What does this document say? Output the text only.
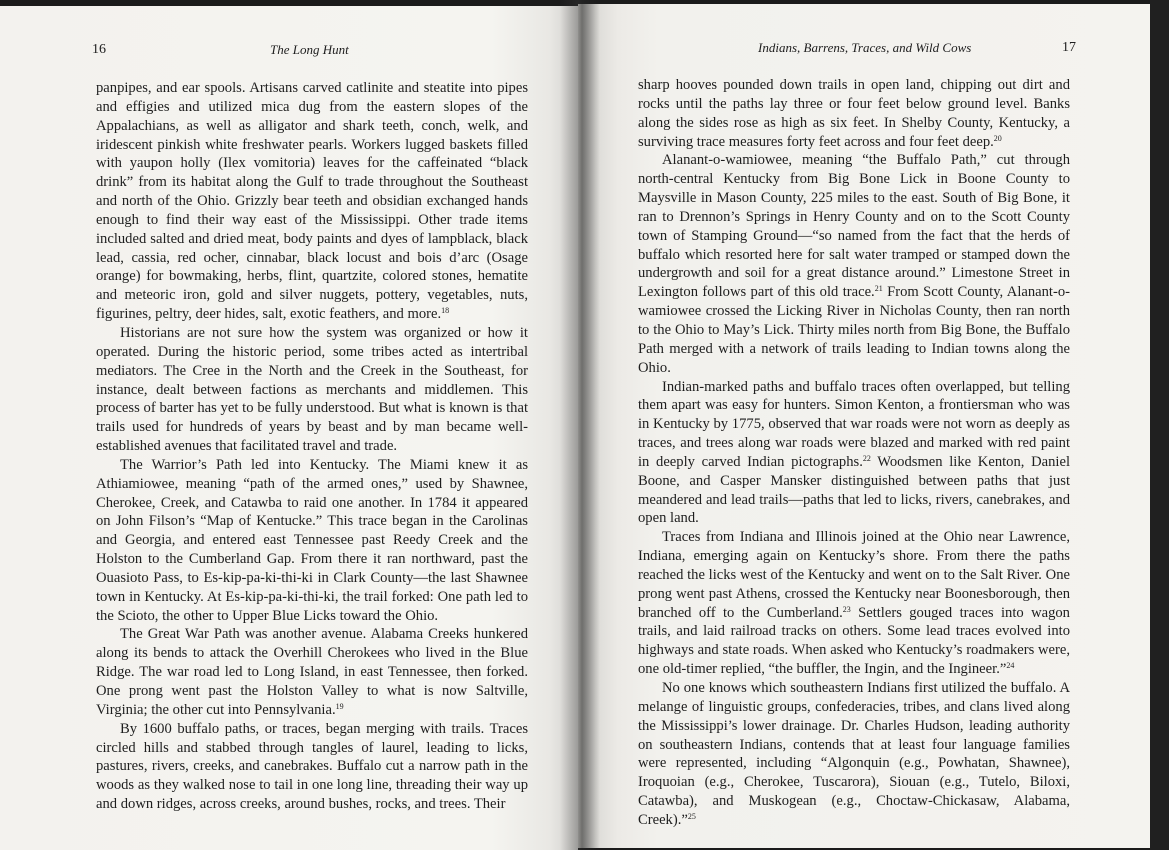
16	The Long Hunt

panpipes, and ear spools. Artisans carved catlinite and steatite into pipes and effigies and utilized mica dug from the eastern slopes of the Appalachians, as well as alligator and shark teeth, conch, welk, and iridescent pinkish white freshwater pearls. Workers lugged baskets filled with yaupon holly (Ilex vomitoria) leaves for the caffeinated “black drink” from its habitat along the Gulf to trade throughout the Southeast and north of the Ohio. Grizzly bear teeth and obsidian exchanged hands enough to find their way east of the Mississippi. Other trade items included salted and dried meat, body paints and dyes of lampblack, black lead, cassia, red ocher, cinnabar, black locust and bois d’arc (Osage orange) for bowmaking, herbs, flint, quartzite, colored stones, hematite and meteoric iron, gold and silver nuggets, pottery, vegetables, nuts, figurines, peltry, deer hides, salt, exotic feathers, and more.$^{18}$

Historians are not sure how the system was organized or how it operated. During the historic period, some tribes acted as intertribal mediators. The Cree in the North and the Creek in the Southeast, for instance, dealt between factions as merchants and middlemen. This process of barter has yet to be fully understood. But what is known is that trails used for hundreds of years by beast and by man became well-established avenues that facilitated travel and trade.

The Warrior’s Path led into Kentucky. The Miami knew it as Athiamiowee, meaning “path of the armed ones,” used by Shawnee, Cherokee, Creek, and Catawba to raid one another. In 1784 it appeared on John Filson’s “Map of Kentucke.” This trace began in the Carolinas and Georgia, and entered east Tennessee past Reedy Creek and the Holston to the Cumberland Gap. From there it ran northward, past the Ouasioto Pass, to Es-kip-pa-ki-thi-ki in Clark County—the last Shawnee town in Kentucky. At Es-kip-pa-ki-thi-ki, the trail forked: One path led to the Scioto, the other to Upper Blue Licks toward the Ohio.

The Great War Path was another avenue. Alabama Creeks hunkered along its bends to attack the Overhill Cherokees who lived in the Blue Ridge. The war road led to Long Island, in east Tennessee, then forked. One prong went past the Holston Valley to what is now Saltville, Virginia; the other cut into Pennsylvania.$^{19}$

By 1600 buffalo paths, or traces, began merging with trails. Traces circled hills and stabbed through tangles of laurel, leading to licks, pastures, rivers, creeks, and canebrakes. Buffalo cut a narrow path in the woods as they walked nose to tail in one long line, threading their way up and down ridges, across creeks, around bushes, rocks, and trees. Their

Indians, Barrens, Traces, and Wild Cows	17

sharp hooves pounded down trails in open land, chipping out dirt and rocks until the paths lay three or four feet below ground level. Banks along the sides rose as high as six feet. In Shelby County, Kentucky, a surviving trace measures forty feet across and four feet deep.$^{20}$

Alanant-o-wamiowee, meaning “the Buffalo Path,” cut through north-central Kentucky from Big Bone Lick in Boone County to Maysville in Mason County, 225 miles to the east. South of Big Bone, it ran to Drennon’s Springs in Henry County and on to the Scott County town of Stamping Ground—“so named from the fact that the herds of buffalo which resorted here for salt water tramped or stamped down the undergrowth and soil for a great distance around.” Limestone Street in Lexington follows part of this old trace.$^{21}$ From Scott County, Alanant-o-wamiowee crossed the Licking River in Nicholas County, then ran north to the Ohio to May’s Lick. Thirty miles north from Big Bone, the Buffalo Path merged with a network of trails leading to Indian towns along the Ohio.

Indian-marked paths and buffalo traces often overlapped, but telling them apart was easy for hunters. Simon Kenton, a frontiersman who was in Kentucky by 1775, observed that war roads were not worn as deeply as traces, and trees along war roads were blazed and marked with red paint in deeply carved Indian pictographs.$^{22}$ Woodsmen like Kenton, Daniel Boone, and Casper Mansker distinguished between paths that just meandered and lead trails—paths that led to licks, rivers, canebrakes, and open land.

Traces from Indiana and Illinois joined at the Ohio near Lawrence, Indiana, emerging again on Kentucky’s shore. From there the paths reached the licks west of the Kentucky and went on to the Salt River. One prong went past Athens, crossed the Kentucky near Boonesborough, then branched off to the Cumberland.$^{23}$ Settlers gouged traces into wagon trails, and laid railroad tracks on others. Some lead traces evolved into highways and state roads. When asked who Kentucky’s roadmakers were, one old-timer replied, “the buffler, the Ingin, and the Ingineer.”$^{24}$

No one knows which southeastern Indians first utilized the buffalo. A melange of linguistic groups, confederacies, tribes, and clans lived along the Mississippi’s lower drainage. Dr. Charles Hudson, leading authority on southeastern Indians, contends that at least four language families were represented, including “Algonquin (e.g., Powhatan, Shawnee), Iroquoian (e.g., Cherokee, Tuscarora), Siouan (e.g., Tutelo, Biloxi, Catawba), and Muskogean (e.g., Choctaw-Chickasaw, Alabama, Creek).”$^{25}$
